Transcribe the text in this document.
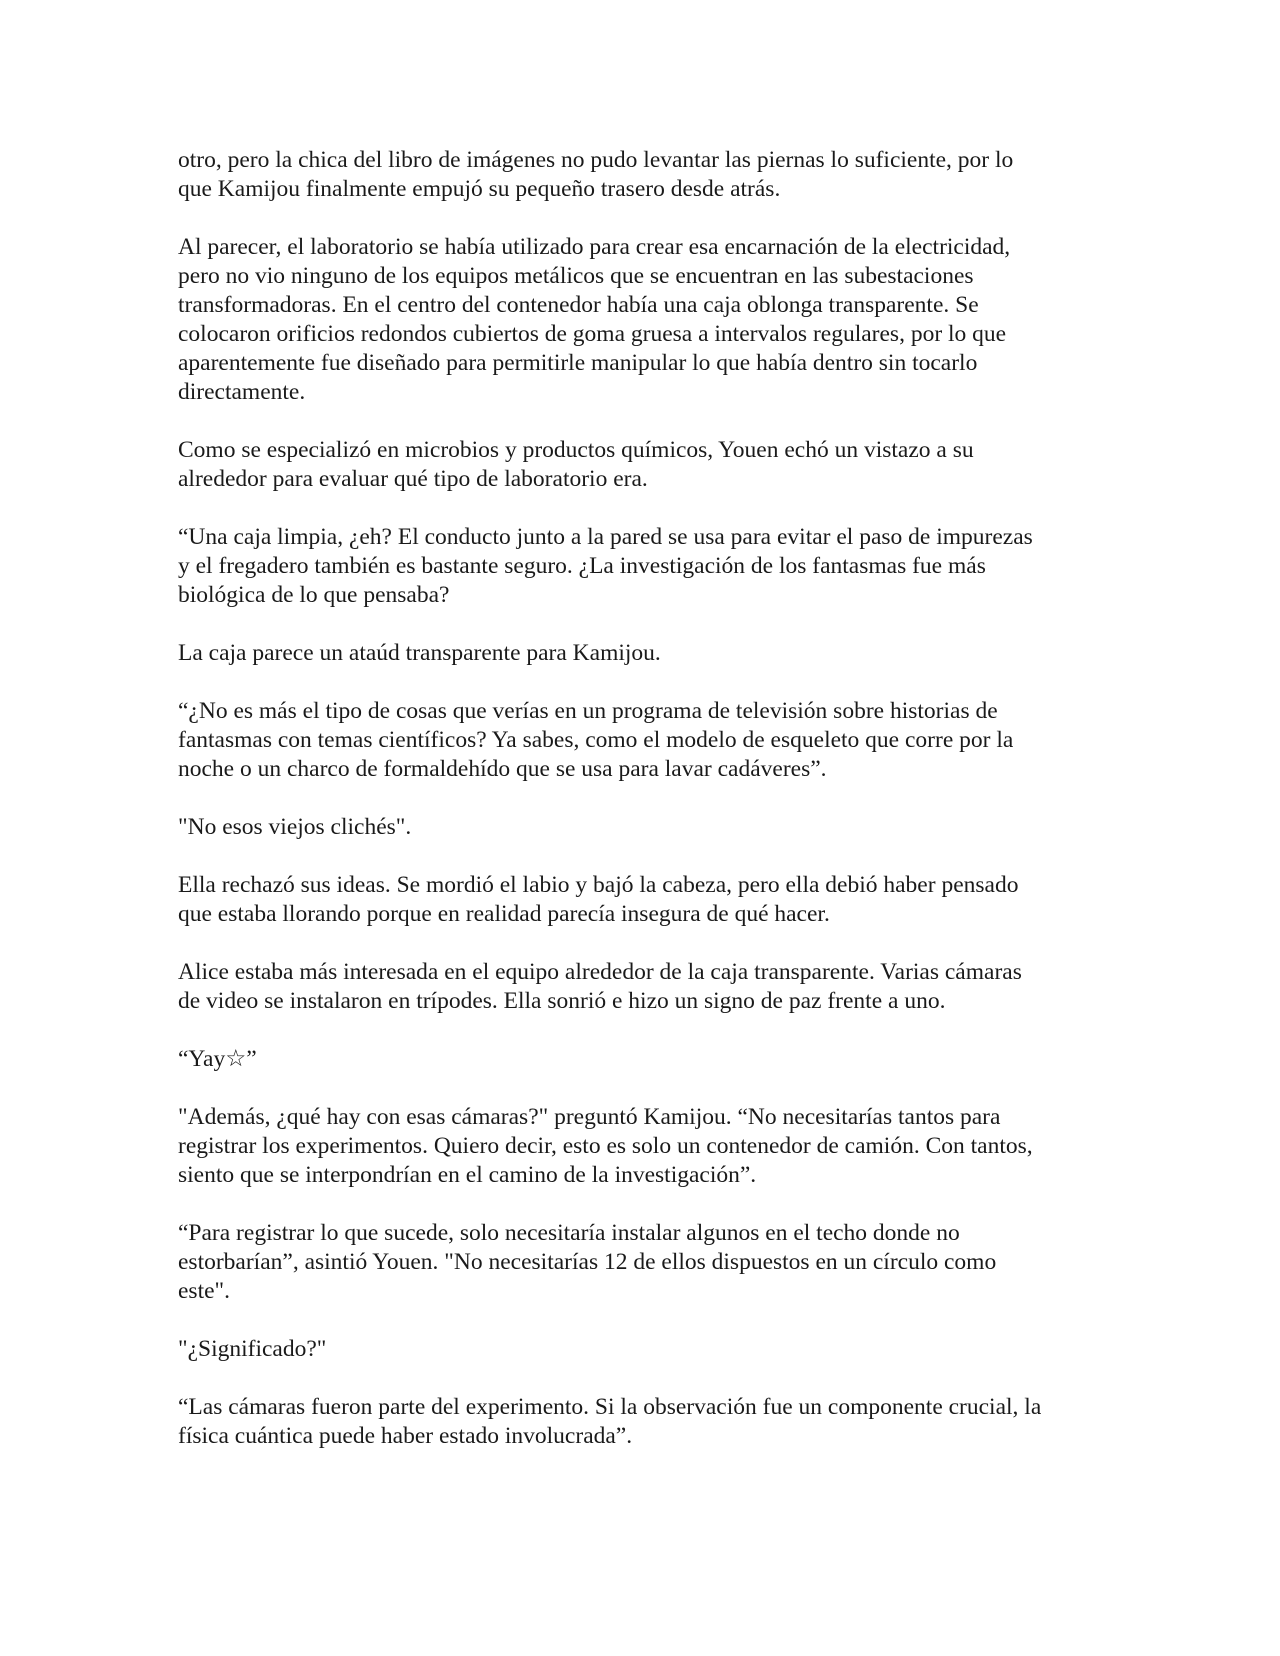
otro, pero la chica del libro de imágenes no pudo levantar las piernas lo suficiente, por lo
que Kamijou finalmente empujó su pequeño trasero desde atrás.

Al parecer, el laboratorio se había utilizado para crear esa encarnación de la electricidad,
pero no vio ninguno de los equipos metálicos que se encuentran en las subestaciones
transformadoras. En el centro del contenedor había una caja oblonga transparente. Se
colocaron orificios redondos cubiertos de goma gruesa a intervalos regulares, por lo que
aparentemente fue diseñado para permitirle manipular lo que había dentro sin tocarlo
directamente.

Como se especializó en microbios y productos químicos, Youen echó un vistazo a su
alrededor para evaluar qué tipo de laboratorio era.

“Una caja limpia, ¿eh? El conducto junto a la pared se usa para evitar el paso de impurezas
y el fregadero también es bastante seguro. ¿La investigación de los fantasmas fue más
biológica de lo que pensaba?

La caja parece un ataúd transparente para Kamijou.

“¿No es más el tipo de cosas que verías en un programa de televisión sobre historias de
fantasmas con temas científicos? Ya sabes, como el modelo de esqueleto que corre por la
noche o un charco de formaldehído que se usa para lavar cadáveres”.

"No esos viejos clichés".

Ella rechazó sus ideas. Se mordió el labio y bajó la cabeza, pero ella debió haber pensado
que estaba llorando porque en realidad parecía insegura de qué hacer.

Alice estaba más interesada en el equipo alrededor de la caja transparente. Varias cámaras
de video se instalaron en trípodes. Ella sonrió e hizo un signo de paz frente a uno.

“Yay☆”

"Además, ¿qué hay con esas cámaras?" preguntó Kamijou. “No necesitarías tantos para
registrar los experimentos. Quiero decir, esto es solo un contenedor de camión. Con tantos,
siento que se interpondrían en el camino de la investigación”.

“Para registrar lo que sucede, solo necesitaría instalar algunos en el techo donde no
estorbarían”, asintió Youen. "No necesitarías 12 de ellos dispuestos en un círculo como
este".

"¿Significado?"

“Las cámaras fueron parte del experimento. Si la observación fue un componente crucial, la
física cuántica puede haber estado involucrada”.
